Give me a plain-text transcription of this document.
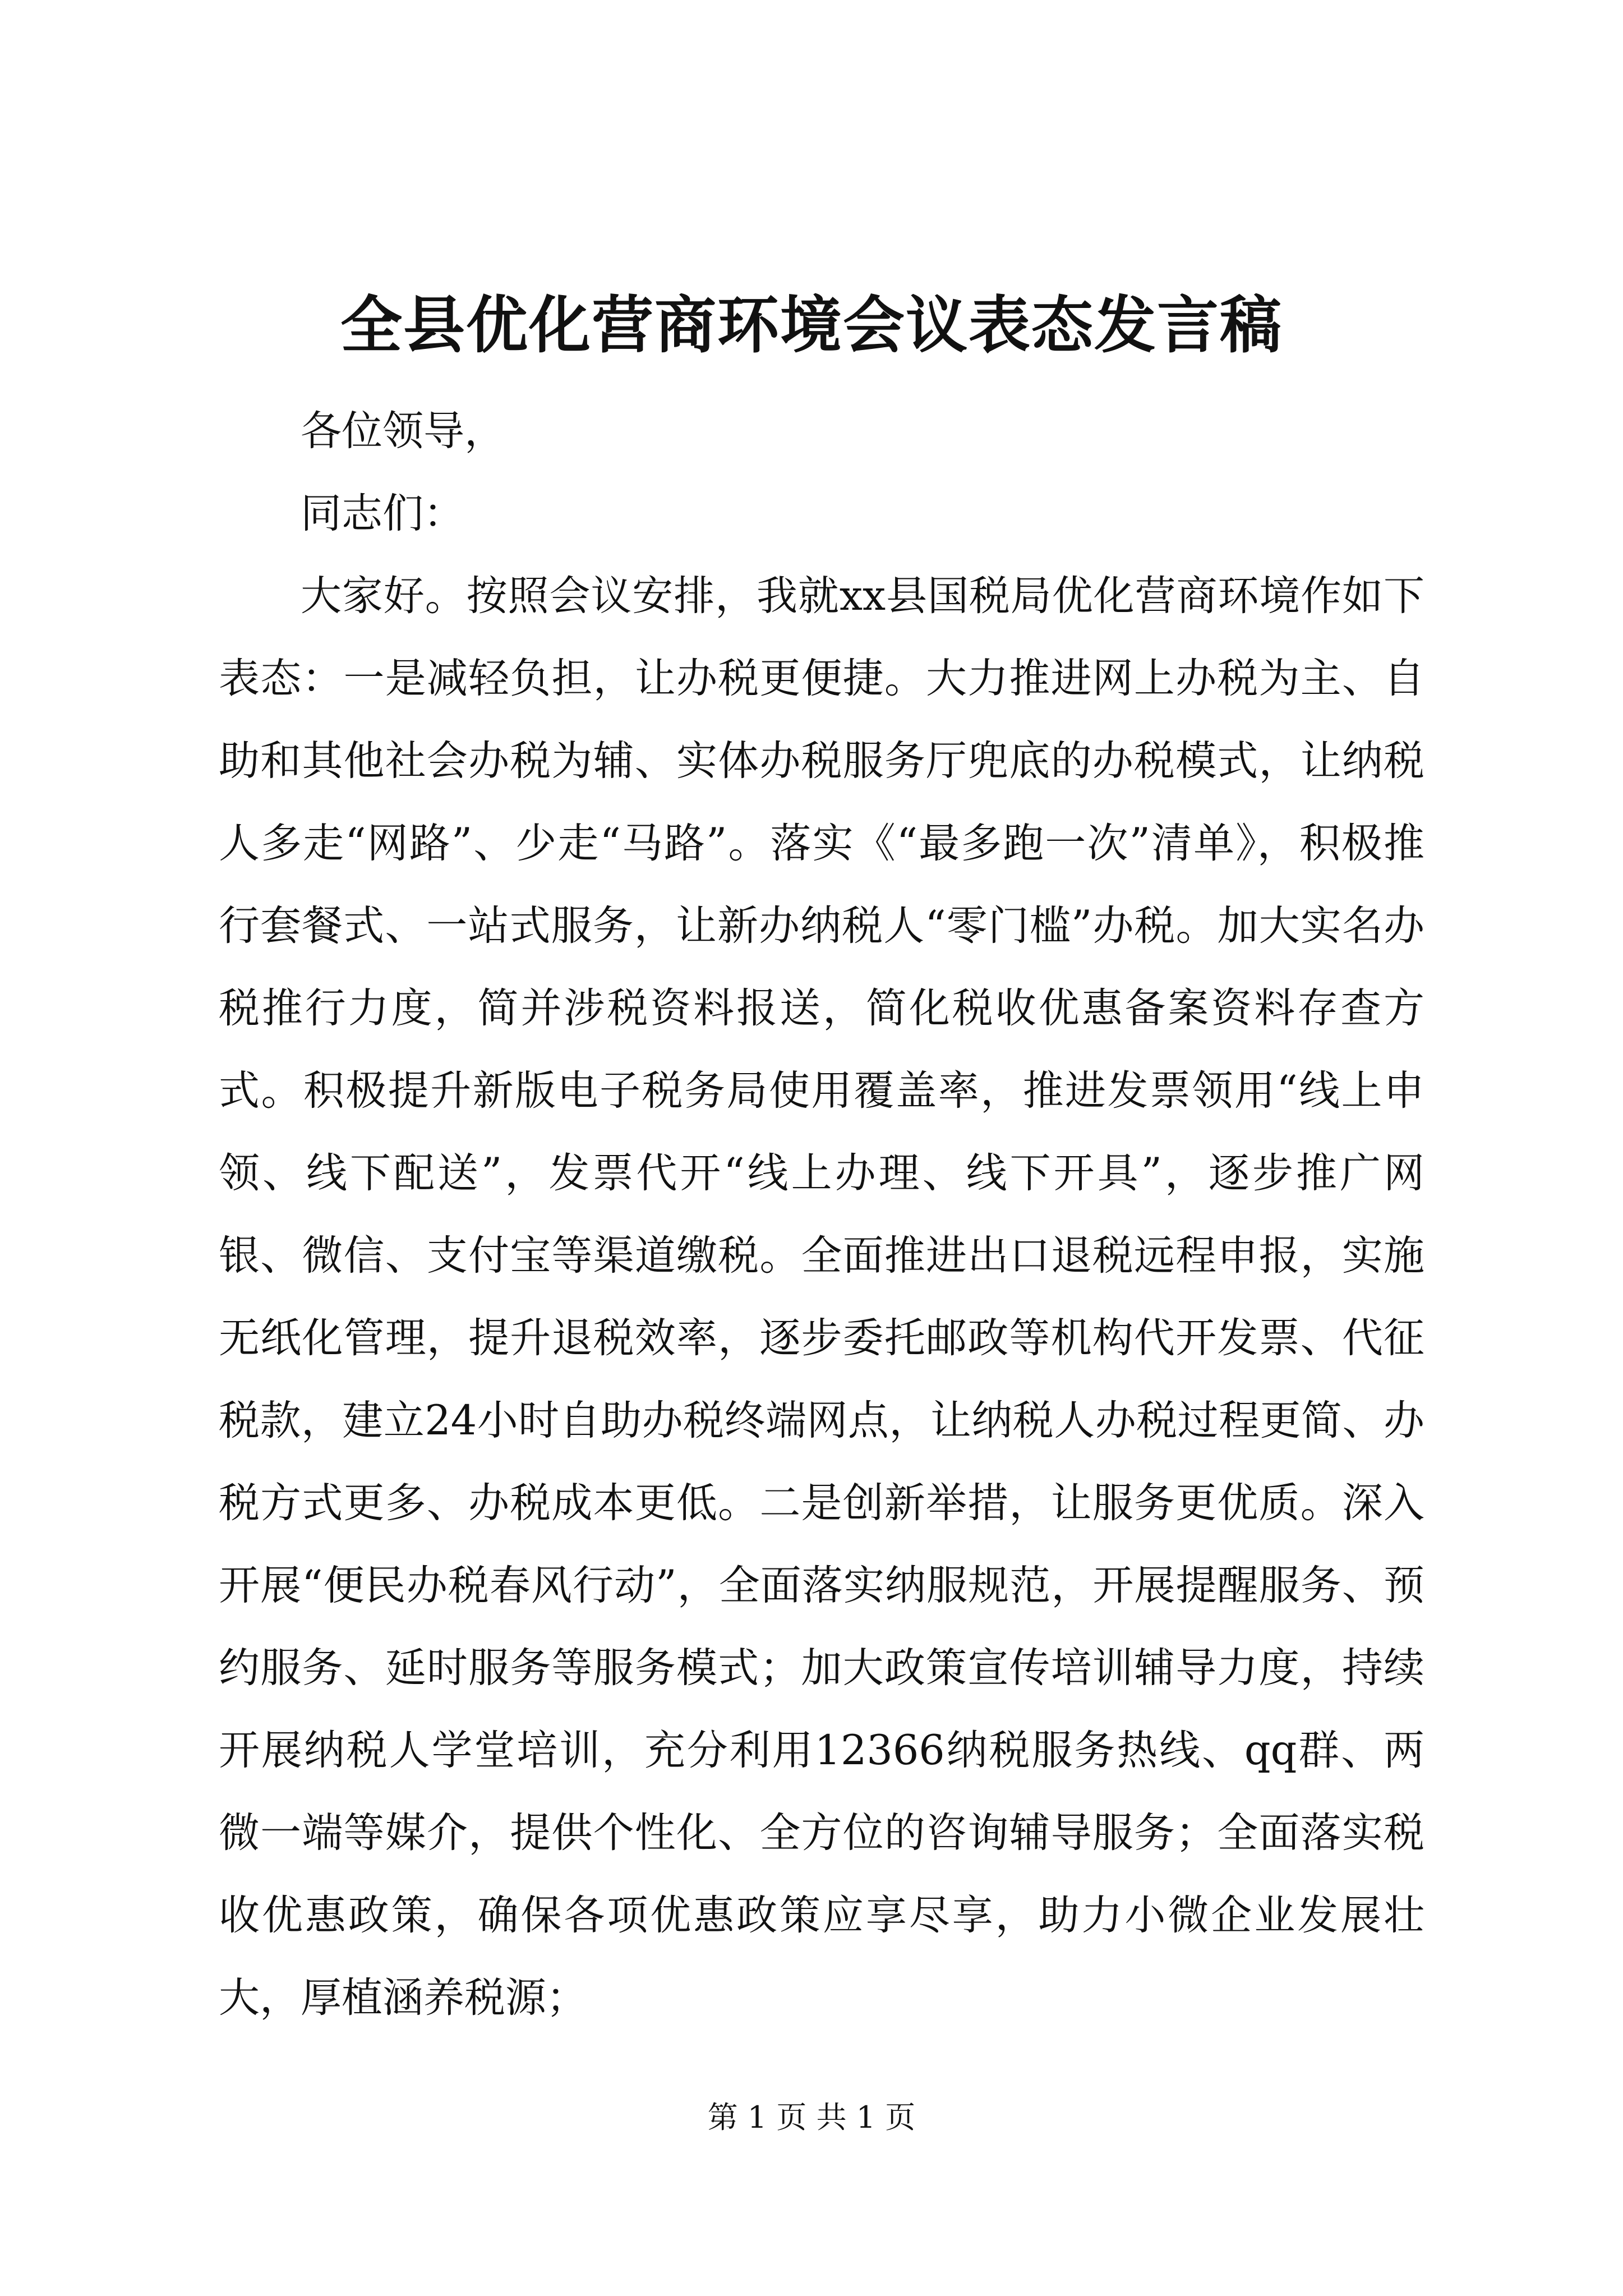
全县优化营商环境会议表态发言稿

各位领导，

同志们：

大家好。按照会议安排，我就xx县国税局优化营商环境作如下表态：一是减轻负担，让办税更便捷。大力推进网上办税为主、自助和其他社会办税为辅、实体办税服务厅兜底的办税模式，让纳税人多走“网路”、少走“马路”。落实《“最多跑一次”清单》，积极推行套餐式、一站式服务，让新办纳税人“零门槛”办税。加大实名办税推行力度，简并涉税资料报送，简化税收优惠备案资料存查方式。积极提升新版电子税务局使用覆盖率，推进发票领用“线上申领、线下配送”，发票代开“线上办理、线下开具”，逐步推广网银、微信、支付宝等渠道缴税。全面推进出口退税远程申报，实施无纸化管理，提升退税效率，逐步委托邮政等机构代开发票、代征税款，建立24小时自助办税终端网点，让纳税人办税过程更简、办税方式更多、办税成本更低。二是创新举措，让服务更优质。深入开展“便民办税春风行动”，全面落实纳服规范，开展提醒服务、预约服务、延时服务等服务模式；加大政策宣传培训辅导力度，持续开展纳税人学堂培训，充分利用12366纳税服务热线、qq群、两微一端等媒介，提供个性化、全方位的咨询辅导服务；全面落实税收优惠政策，确保各项优惠政策应享尽享，助力小微企业发展壮大，厚植涵养税源；

第 1 页 共 1 页
